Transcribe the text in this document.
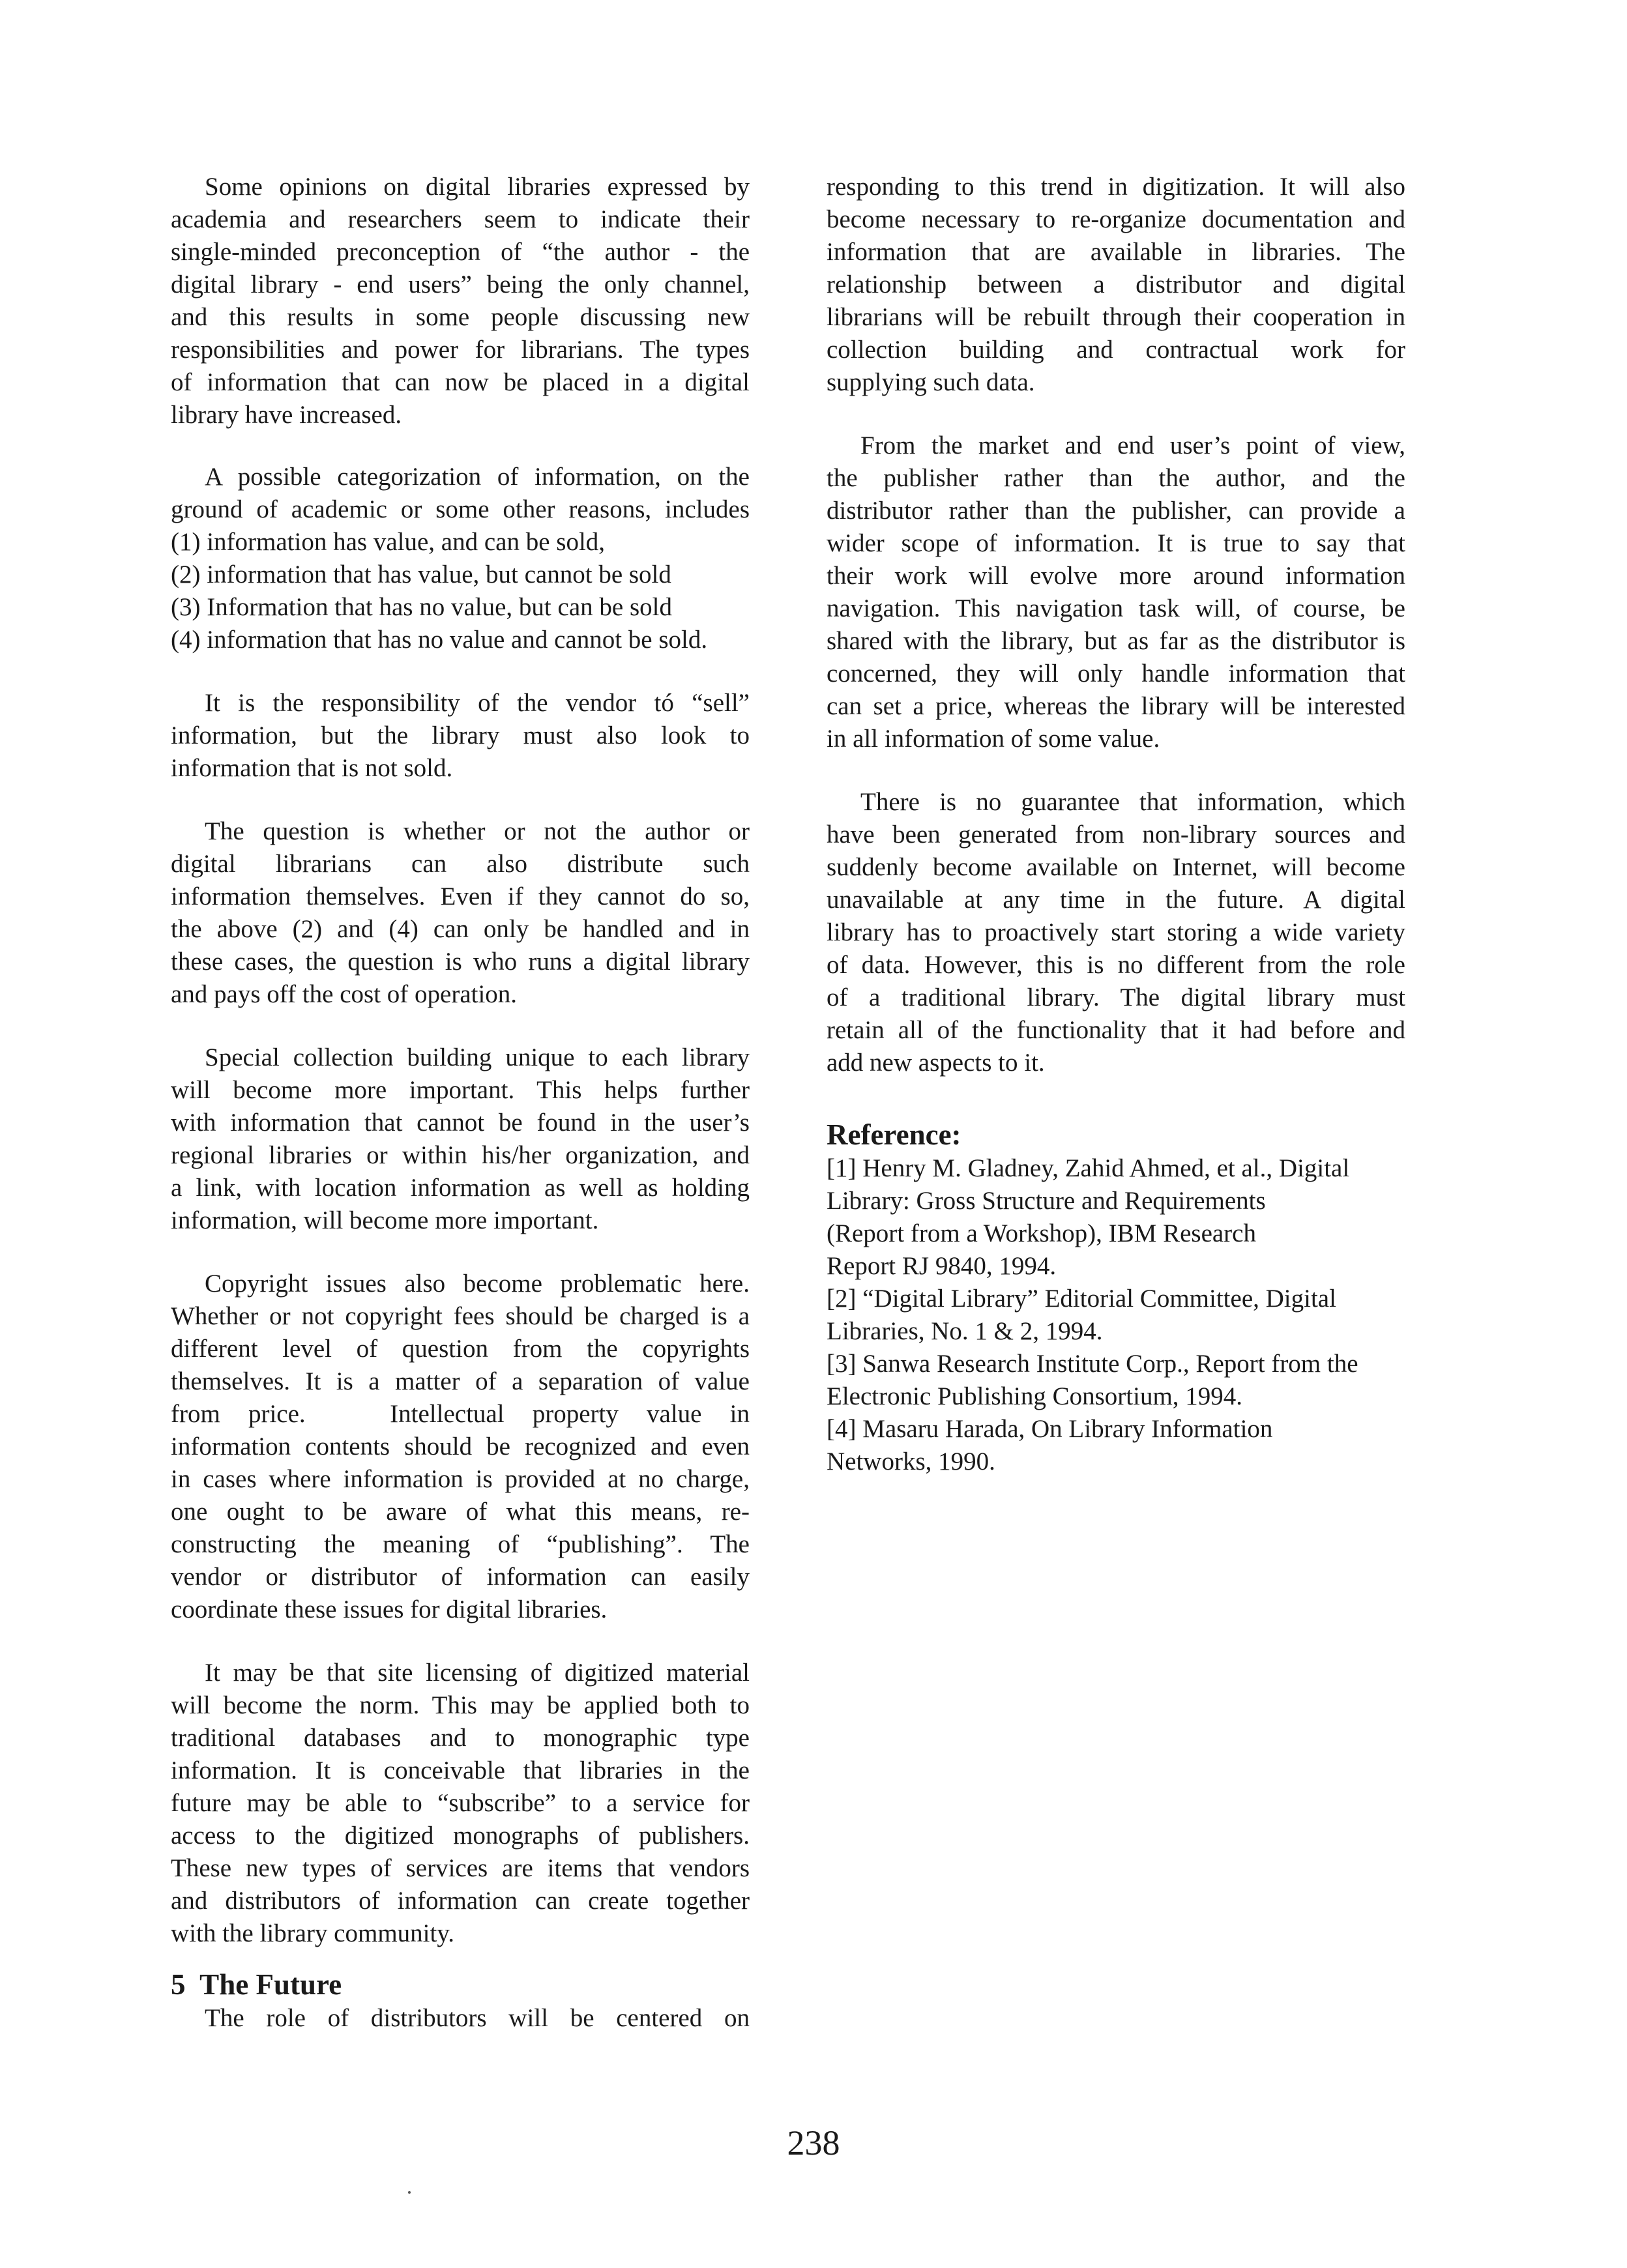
Some opinions on digital libraries expressed by
academia and researchers seem to indicate their
single-minded preconception of “the author - the
digital library - end users” being the only channel,
and this results in some people discussing new
responsibilities and power for librarians. The types
of information that can now be placed in a digital
library have increased.
A possible categorization of information, on the
ground of academic or some other reasons, includes
(1) information has value, and can be sold,
(2) information that has value, but cannot be sold
(3) Information that has no value, but can be sold
(4) information that has no value and cannot be sold.
It is the responsibility of the vendor tó “sell”
information, but the library must also look to
information that is not sold.
The question is whether or not the author or
digital librarians can also distribute such
information themselves. Even if they cannot do so,
the above (2) and (4) can only be handled and in
these cases, the question is who runs a digital library
and pays off the cost of operation.
Special collection building unique to each library
will become more important. This helps further
with information that cannot be found in the user’s
regional libraries or within his/her organization, and
a link, with location information as well as holding
information, will become more important.
Copyright issues also become problematic here.
Whether or not copyright fees should be charged is a
different level of question from the copyrights
themselves. It is a matter of a separation of value
from price.   Intellectual property value in
information contents should be recognized and even
in cases where information is provided at no charge,
one ought to be aware of what this means, re-
constructing the meaning of “publishing”. The
vendor or distributor of information can easily
coordinate these issues for digital libraries.
It may be that site licensing of digitized material
will become the norm. This may be applied both to
traditional databases and to monographic type
information. It is conceivable that libraries in the
future may be able to “subscribe” to a service for
access to the digitized monographs of publishers.
These new types of services are items that vendors
and distributors of information can create together
with the library community.
5  The Future
The role of distributors will be centered on
responding to this trend in digitization. It will also
become necessary to re-organize documentation and
information that are available in libraries. The
relationship between a distributor and digital
librarians will be rebuilt through their cooperation in
collection building and contractual work for
supplying such data.
From the market and end user’s point of view,
the publisher rather than the author, and the
distributor rather than the publisher, can provide a
wider scope of information. It is true to say that
their work will evolve more around information
navigation. This navigation task will, of course, be
shared with the library, but as far as the distributor is
concerned, they will only handle information that
can set a price, whereas the library will be interested
in all information of some value.
There is no guarantee that information, which
have been generated from non-library sources and
suddenly become available on Internet, will become
unavailable at any time in the future. A digital
library has to proactively start storing a wide variety
of data. However, this is no different from the role
of a traditional library. The digital library must
retain all of the functionality that it had before and
add new aspects to it.
Reference:
[1] Henry M. Gladney, Zahid Ahmed, et al., Digital
Library: Gross Structure and Requirements
(Report from a Workshop), IBM Research
Report RJ 9840, 1994.
[2] “Digital Library” Editorial Committee, Digital
Libraries, No. 1 & 2, 1994.
[3] Sanwa Research Institute Corp., Report from the
Electronic Publishing Consortium, 1994.
[4] Masaru Harada, On Library Information
Networks, 1990.
238
